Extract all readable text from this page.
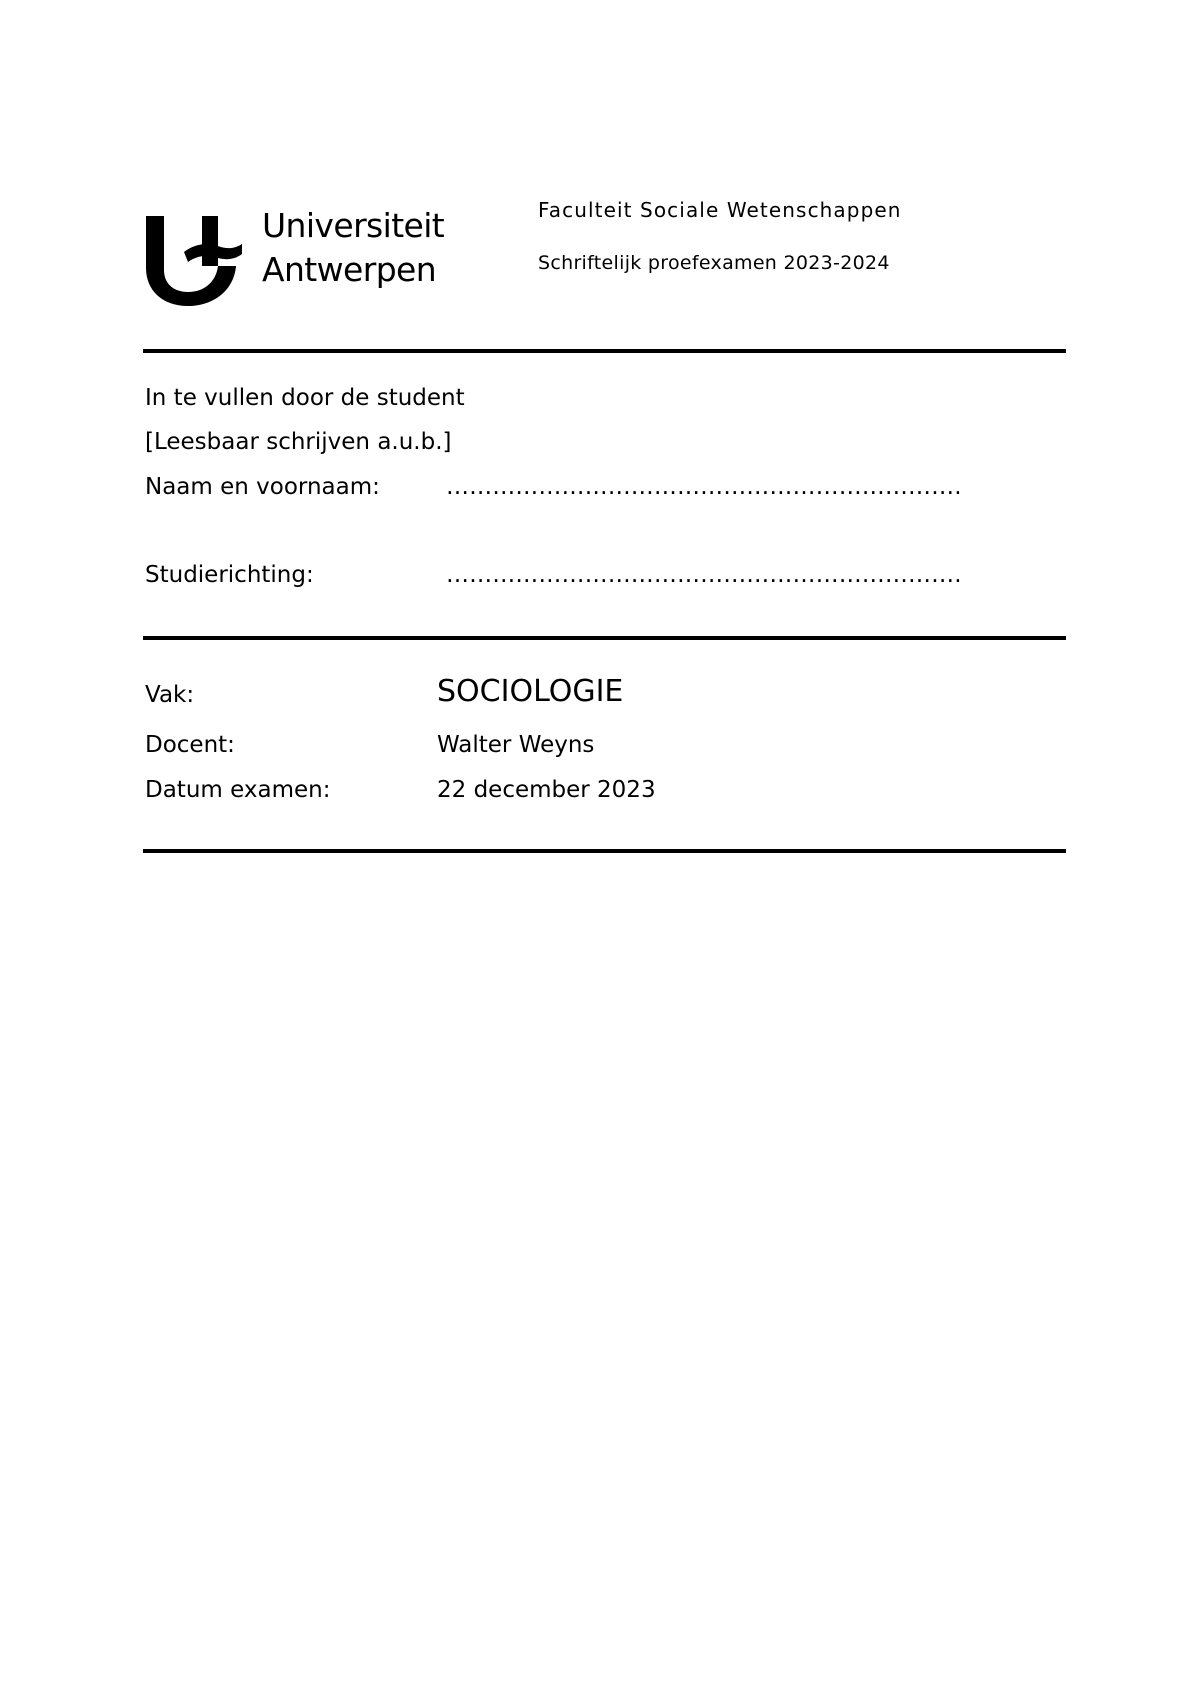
Universiteit
Antwerpen
Faculteit Sociale Wetenschappen
Schriftelijk proefexamen 2023-2024
In te vullen door de student
[Leesbaar schrijven a.u.b.]
Naam en voornaam:	………………………………………………………….
Studierichting:	………………………………………………………….
Vak:	SOCIOLOGIE
Docent:	Walter Weyns
Datum examen:	22 december 2023
